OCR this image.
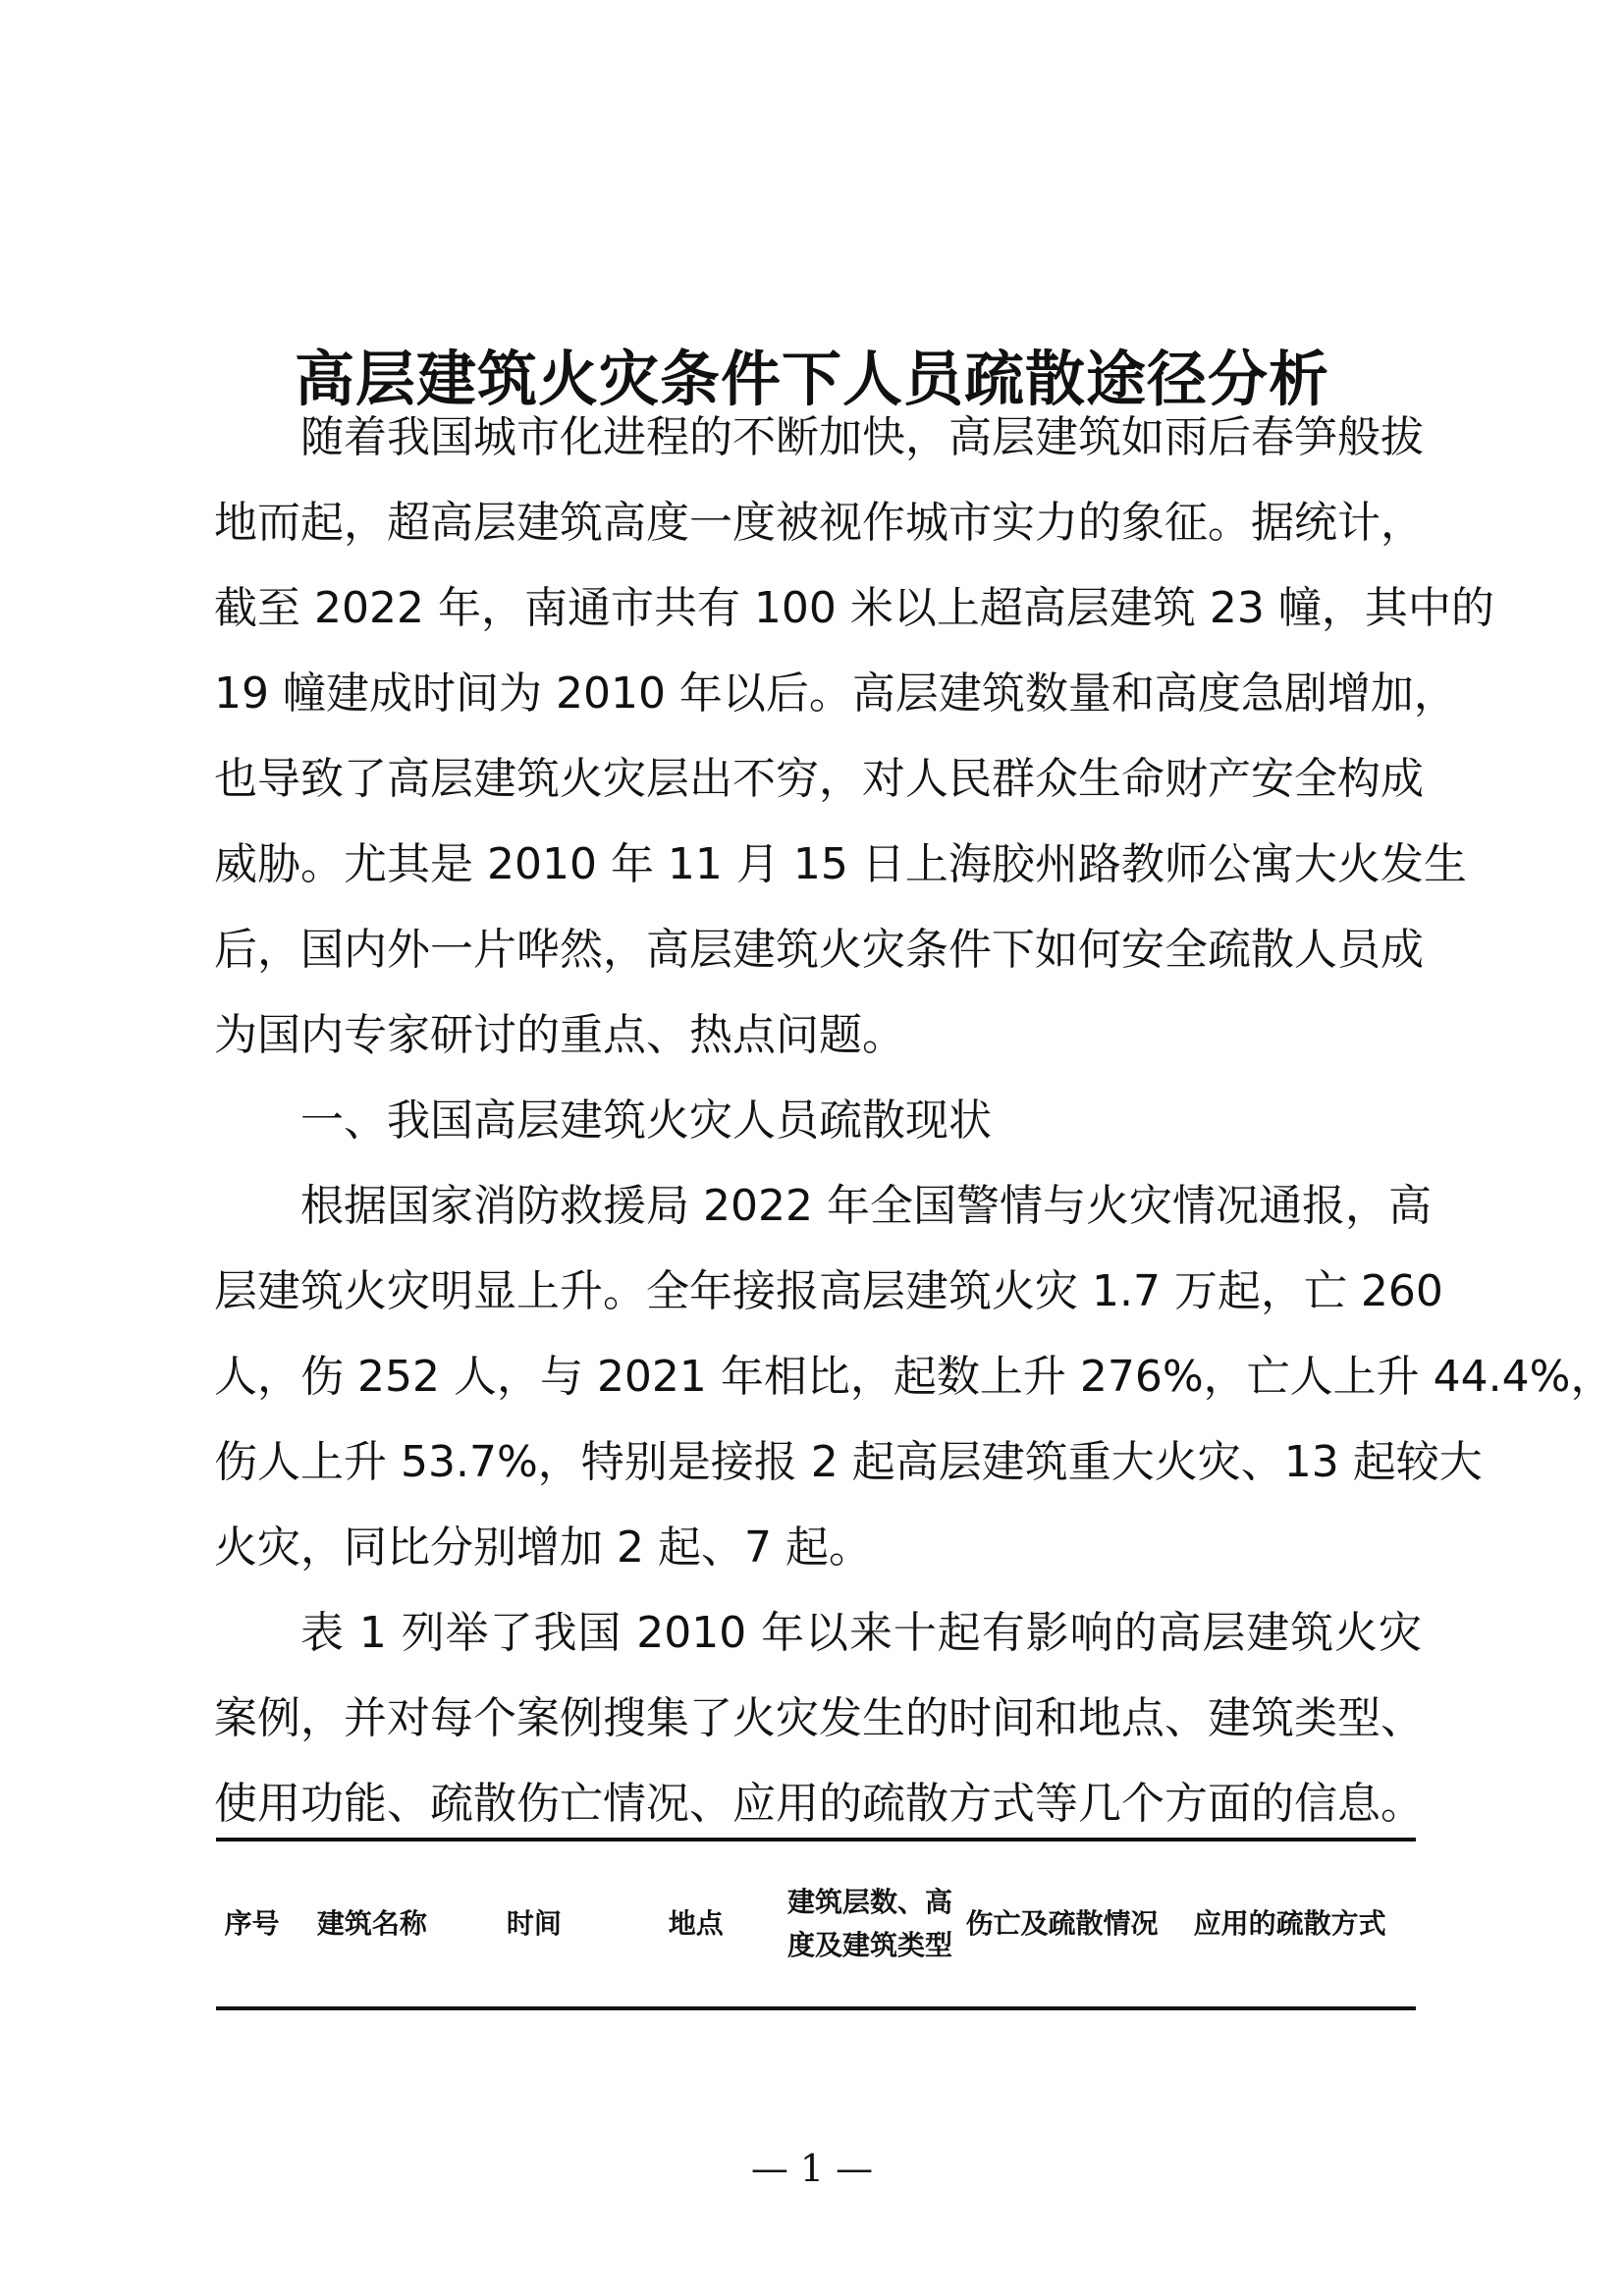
高层建筑火灾条件下人员疏散途径分析

随着我国城市化进程的不断加快，高层建筑如雨后春笋般拔 地而起，超高层建筑高度一度被视作城市实力的象征。据统计， 截至 2022 年，南通市共有 100 米以上超高层建筑 23 幢，其中的 19 幢建成时间为 2010 年以后。高层建筑数量和高度急剧增加， 也导致了高层建筑火灾层出不穷，对人民群众生命财产安全构成 威胁。尤其是 2010 年 11 月 15 日上海胶州路教师公寓大火发生 后，国内外一片哗然，高层建筑火灾条件下如何安全疏散人员成 为国内专家研讨的重点、热点问题。

一、我国高层建筑火灾人员疏散现状

根据国家消防救援局 2022 年全国警情与火灾情况通报，高 层建筑火灾明显上升。全年接报高层建筑火灾 1.7 万起，亡 260 人，伤 252 人，与 2021 年相比，起数上升 276%，亡人上升 44.4%， 伤人上升 53.7%，特别是接报 2 起高层建筑重大火灾、13 起较大 火灾，同比分别增加 2 起、7 起。

表 1 列举了我国 2010 年以来十起有影响的高层建筑火灾 案例，并对每个案例搜集了火灾发生的时间和地点、建筑类型、 使用功能、疏散伤亡情况、应用的疏散方式等几个方面的信息。

序号	建筑名称	时间	地点	建筑层数、高度及建筑类型	伤亡及疏散情况	应用的疏散方式
— 1 —
